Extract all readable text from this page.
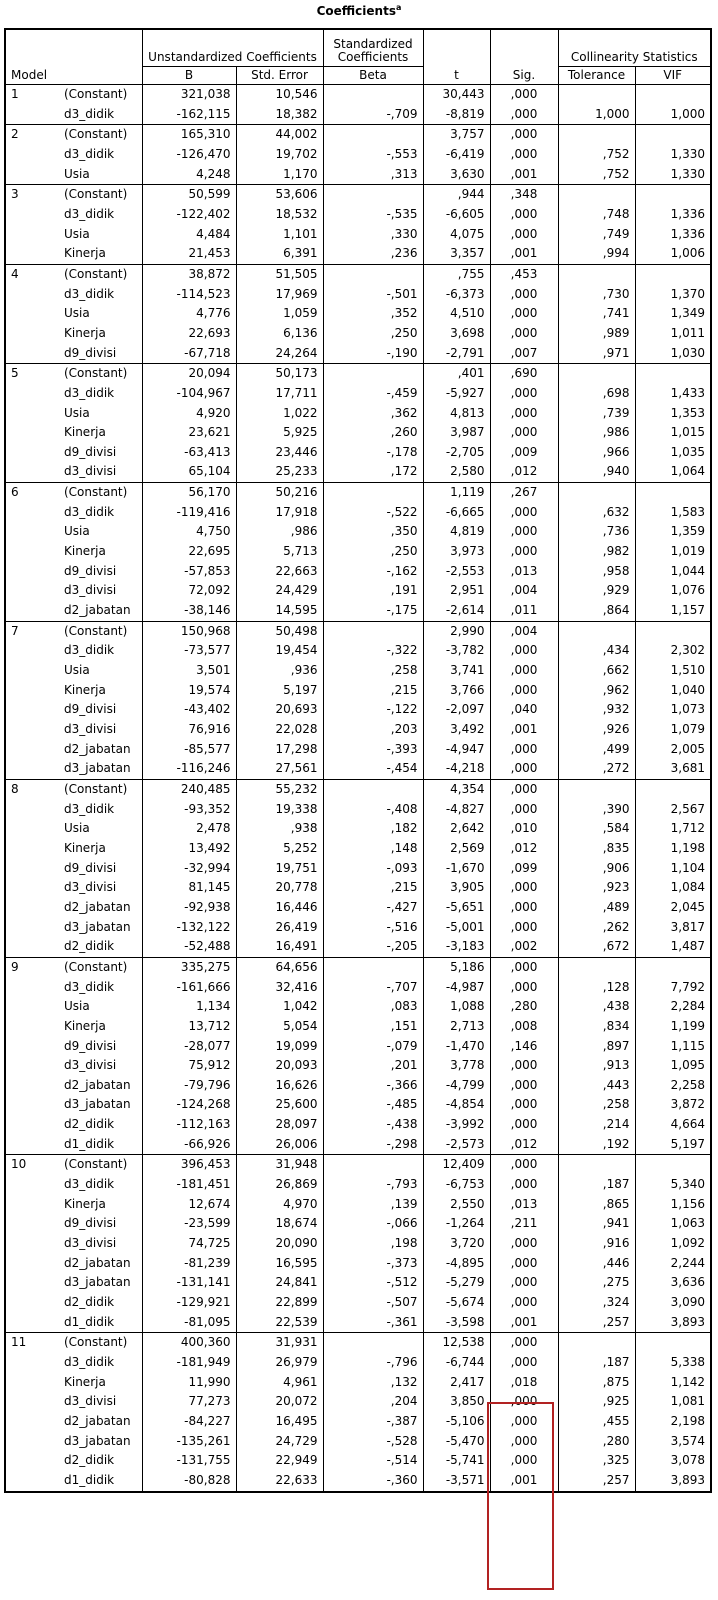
Coefficients$^a$
		Unstandardized Coefficients		Standardized Coefficients			Collinearity Statistics	
Model		B	Std. Error	Beta	t	Sig.	Tolerance	VIF
1	(Constant)	321,038	10,546		30,443	,000		
	d3_didik	-162,115	18,382	-,709	-8,819	,000	1,000	1,000
2	(Constant)	165,310	44,002		3,757	,000		
	d3_didik	-126,470	19,702	-,553	-6,419	,000	,752	1,330
	Usia	4,248	1,170	,313	3,630	,001	,752	1,330
3	(Constant)	50,599	53,606		,944	,348		
	d3_didik	-122,402	18,532	-,535	-6,605	,000	,748	1,336
	Usia	4,484	1,101	,330	4,075	,000	,749	1,336
	Kinerja	21,453	6,391	,236	3,357	,001	,994	1,006
4	(Constant)	38,872	51,505		,755	,453		
	d3_didik	-114,523	17,969	-,501	-6,373	,000	,730	1,370
	Usia	4,776	1,059	,352	4,510	,000	,741	1,349
	Kinerja	22,693	6,136	,250	3,698	,000	,989	1,011
	d9_divisi	-67,718	24,264	-,190	-2,791	,007	,971	1,030
5	(Constant)	20,094	50,173		,401	,690		
	d3_didik	-104,967	17,711	-,459	-5,927	,000	,698	1,433
	Usia	4,920	1,022	,362	4,813	,000	,739	1,353
	Kinerja	23,621	5,925	,260	3,987	,000	,986	1,015
	d9_divisi	-63,413	23,446	-,178	-2,705	,009	,966	1,035
	d3_divisi	65,104	25,233	,172	2,580	,012	,940	1,064
6	(Constant)	56,170	50,216		1,119	,267		
	d3_didik	-119,416	17,918	-,522	-6,665	,000	,632	1,583
	Usia	4,750	,986	,350	4,819	,000	,736	1,359
	Kinerja	22,695	5,713	,250	3,973	,000	,982	1,019
	d9_divisi	-57,853	22,663	-,162	-2,553	,013	,958	1,044
	d3_divisi	72,092	24,429	,191	2,951	,004	,929	1,076
	d2_jabatan	-38,146	14,595	-,175	-2,614	,011	,864	1,157
7	(Constant)	150,968	50,498		2,990	,004		
	d3_didik	-73,577	19,454	-,322	-3,782	,000	,434	2,302
	Usia	3,501	,936	,258	3,741	,000	,662	1,510
	Kinerja	19,574	5,197	,215	3,766	,000	,962	1,040
	d9_divisi	-43,402	20,693	-,122	-2,097	,040	,932	1,073
	d3_divisi	76,916	22,028	,203	3,492	,001	,926	1,079
	d2_jabatan	-85,577	17,298	-,393	-4,947	,000	,499	2,005
	d3_jabatan	-116,246	27,561	-,454	-4,218	,000	,272	3,681
8	(Constant)	240,485	55,232		4,354	,000		
	d3_didik	-93,352	19,338	-,408	-4,827	,000	,390	2,567
	Usia	2,478	,938	,182	2,642	,010	,584	1,712
	Kinerja	13,492	5,252	,148	2,569	,012	,835	1,198
	d9_divisi	-32,994	19,751	-,093	-1,670	,099	,906	1,104
	d3_divisi	81,145	20,778	,215	3,905	,000	,923	1,084
	d2_jabatan	-92,938	16,446	-,427	-5,651	,000	,489	2,045
	d3_jabatan	-132,122	26,419	-,516	-5,001	,000	,262	3,817
	d2_didik	-52,488	16,491	-,205	-3,183	,002	,672	1,487
9	(Constant)	335,275	64,656		5,186	,000		
	d3_didik	-161,666	32,416	-,707	-4,987	,000	,128	7,792
	Usia	1,134	1,042	,083	1,088	,280	,438	2,284
	Kinerja	13,712	5,054	,151	2,713	,008	,834	1,199
	d9_divisi	-28,077	19,099	-,079	-1,470	,146	,897	1,115
	d3_divisi	75,912	20,093	,201	3,778	,000	,913	1,095
	d2_jabatan	-79,796	16,626	-,366	-4,799	,000	,443	2,258
	d3_jabatan	-124,268	25,600	-,485	-4,854	,000	,258	3,872
	d2_didik	-112,163	28,097	-,438	-3,992	,000	,214	4,664
	d1_didik	-66,926	26,006	-,298	-2,573	,012	,192	5,197
10	(Constant)	396,453	31,948		12,409	,000		
	d3_didik	-181,451	26,869	-,793	-6,753	,000	,187	5,340
	Kinerja	12,674	4,970	,139	2,550	,013	,865	1,156
	d9_divisi	-23,599	18,674	-,066	-1,264	,211	,941	1,063
	d3_divisi	74,725	20,090	,198	3,720	,000	,916	1,092
	d2_jabatan	-81,239	16,595	-,373	-4,895	,000	,446	2,244
	d3_jabatan	-131,141	24,841	-,512	-5,279	,000	,275	3,636
	d2_didik	-129,921	22,899	-,507	-5,674	,000	,324	3,090
	d1_didik	-81,095	22,539	-,361	-3,598	,001	,257	3,893
11	(Constant)	400,360	31,931		12,538	,000		
	d3_didik	-181,949	26,979	-,796	-6,744	,000	,187	5,338
	Kinerja	11,990	4,961	,132	2,417	,018	,875	1,142
	d3_divisi	77,273	20,072	,204	3,850	,000	,925	1,081
	d2_jabatan	-84,227	16,495	-,387	-5,106	,000	,455	2,198
	d3_jabatan	-135,261	24,729	-,528	-5,470	,000	,280	3,574
	d2_didik	-131,755	22,949	-,514	-5,741	,000	,325	3,078
	d1_didik	-80,828	22,633	-,360	-3,571	,001	,257	3,893
